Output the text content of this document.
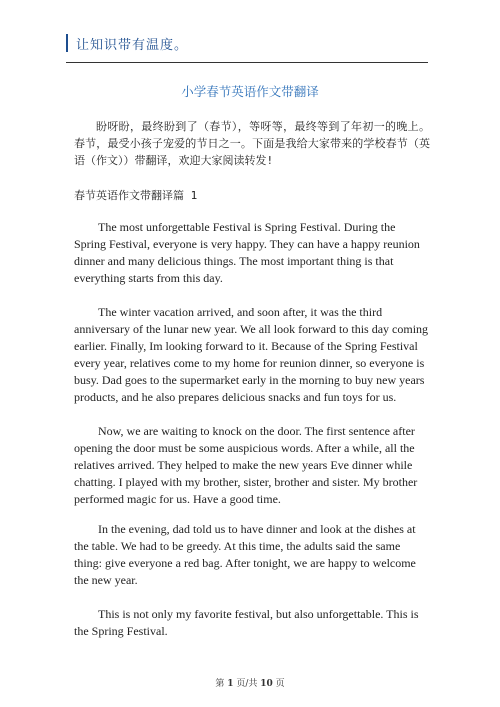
让知识带有温度。
小学春节英语作文带翻译
盼呀盼，最终盼到了（春节），等呀等，最终等到了年初一的晚上。春节，最受小孩子宠爱的节日之一。下面是我给大家带来的学校春节（英语（作文））带翻译，欢迎大家阅读转发!
春节英语作文带翻译篇 1

The most unforgettable Festival is Spring Festival. During the Spring Festival, everyone is very happy. They can have a happy reunion dinner and many delicious things. The most important thing is that everything starts from this day.

The winter vacation arrived, and soon after, it was the third anniversary of the lunar new year. We all look forward to this day coming earlier. Finally, Im looking forward to it. Because of the Spring Festival every year, relatives come to my home for reunion dinner, so everyone is busy. Dad goes to the supermarket early in the morning to buy new years products, and he also prepares delicious snacks and fun toys for us.

Now, we are waiting to knock on the door. The first sentence after opening the door must be some auspicious words. After a while, all the relatives arrived. They helped to make the new years Eve dinner while chatting. I played with my brother, sister, brother and sister. My brother performed magic for us. Have a good time.

In the evening, dad told us to have dinner and look at the dishes at the table. We had to be greedy. At this time, the adults said the same thing: give everyone a red bag. After tonight, we are happy to welcome the new year.

This is not only my favorite festival, but also unforgettable. This is the Spring Festival.

第 1 页/共 10 页
